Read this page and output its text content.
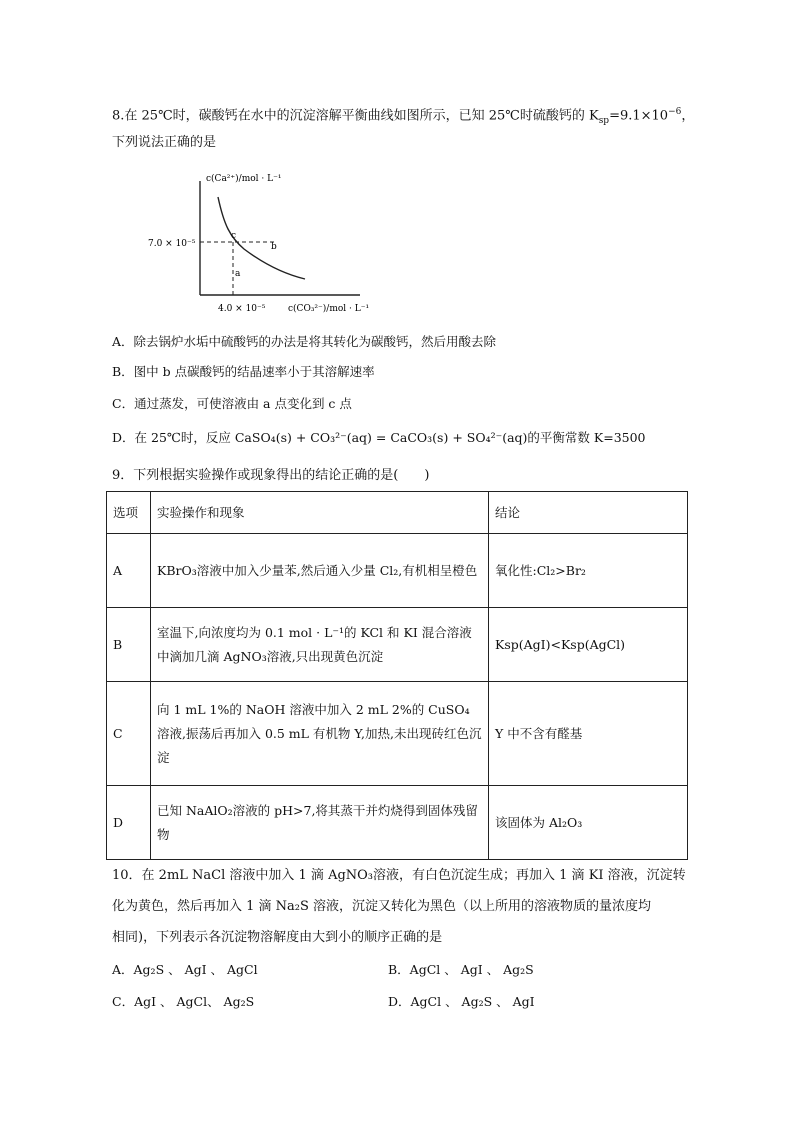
8.在 25℃时，碳酸钙在水中的沉淀溶解平衡曲线如图所示，已知 25℃时硫酸钙的 $K_{sp}=9.1\times 10^{-6}$，
下列说法正确的是
c(Ca²⁺)/mol · L⁻¹
7.0 × 10⁻⁵
4.0 × 10⁻⁵	c(CO₃²⁻)/mol · L⁻¹
c
b
a
A．除去锅炉水垢中硫酸钙的办法是将其转化为碳酸钙，然后用酸去除
B．图中 b 点碳酸钙的结晶速率小于其溶解速率
C．通过蒸发，可使溶液由 a 点变化到 c 点
D．在 25℃时，反应 CaSO₄(s) + CO₃²⁻(aq) = CaCO₃(s) + SO₄²⁻(aq)的平衡常数 K=3500
9．下列根据实验操作或现象得出的结论正确的是(　　)
选项	实验操作和现象	结论
A	KBrO₃溶液中加入少量苯,然后通入少量 Cl₂,有机相呈橙色	氧化性:Cl₂>Br₂
B	室温下,向浓度均为 0.1 mol · L⁻¹的 KCl 和 KI 混合溶液中滴加几滴 AgNO₃溶液,只出现黄色沉淀	Ksp(AgI)<Ksp(AgCl)
C	向 1 mL 1%的 NaOH 溶液中加入 2 mL 2%的 CuSO₄溶液,振荡后再加入 0.5 mL 有机物 Y,加热,未出现砖红色沉淀	Y 中不含有醛基
D	已知 NaAlO₂溶液的 pH>7,将其蒸干并灼烧得到固体残留物	该固体为 Al₂O₃
10．在 2mL NaCl 溶液中加入 1 滴 AgNO₃溶液，有白色沉淀生成；再加入 1 滴 KI 溶液，沉淀转
化为黄色，然后再加入 1 滴 Na₂S 溶液，沉淀又转化为黑色（以上所用的溶液物质的量浓度均
相同)，下列表示各沉淀物溶解度由大到小的顺序正确的是
A．Ag₂S 、 AgI 、 AgCl	B．AgCl 、 AgI 、 Ag₂S
C．AgI 、 AgCl、 Ag₂S	D．AgCl 、 Ag₂S 、 AgI
